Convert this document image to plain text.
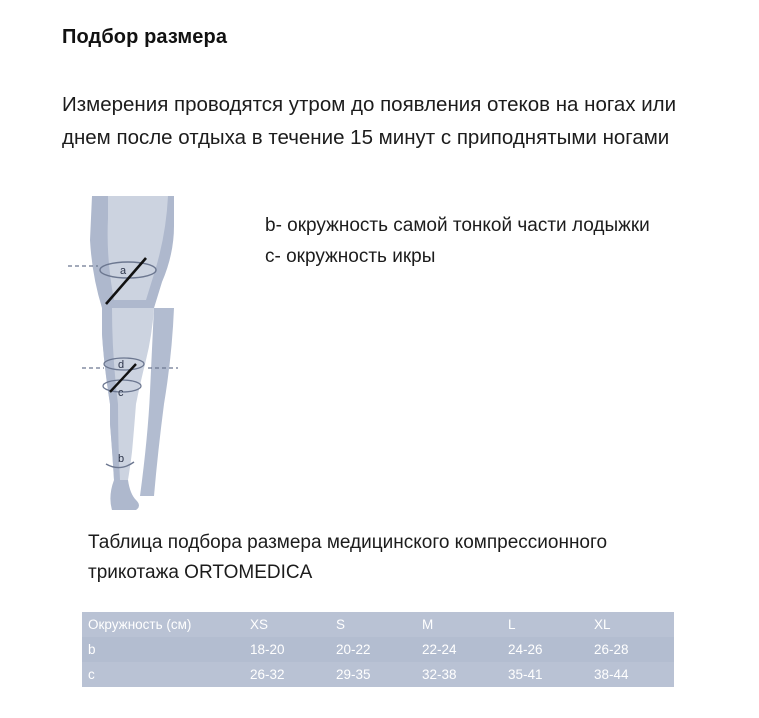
Подбор размера
Измерения проводятся утром до появления отеков на ногах или днем после отдыха в течение 15 минут с приподнятыми ногами
a
d
c
b
b- окружность самой тонкой части лодыжки
c- окружность икры
Таблица подбора размера медицинского компрессионного трикотажа ORTOMEDICA
Окружность (см)	XS	S	M	L	XL
b	18-20	20-22	22-24	24-26	26-28
c	26-32	29-35	32-38	35-41	38-44
